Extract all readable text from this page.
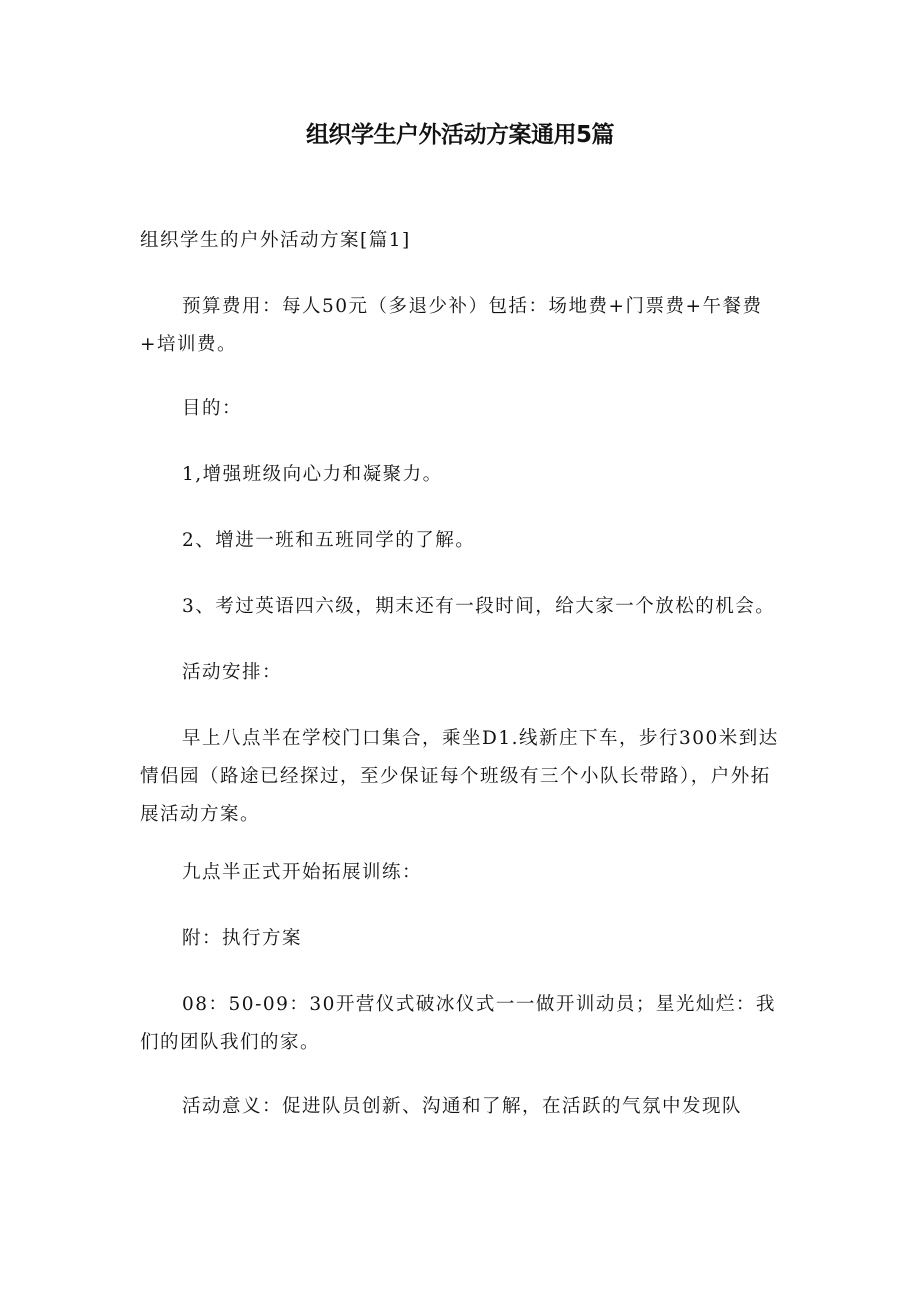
组织学生户外活动方案通用5篇

组织学生的户外活动方案[篇1]

预算费用：每人50元（多退少补）包括：场地费+门票费+午餐费+培训费。

目的：

1,增强班级向心力和凝聚力。

2、增进一班和五班同学的了解。

3、考过英语四六级，期末还有一段时间，给大家一个放松的机会。

活动安排：

早上八点半在学校门口集合，乘坐D1.线新庄下车，步行300米到达情侣园（路途已经探过，至少保证每个班级有三个小队长带路），户外拓展活动方案。

九点半正式开始拓展训练：

附：执行方案

08：50-09：30开营仪式破冰仪式一一做开训动员；星光灿烂：我们的团队我们的家。

活动意义：促进队员创新、沟通和了解，在活跃的气氛中发现队
